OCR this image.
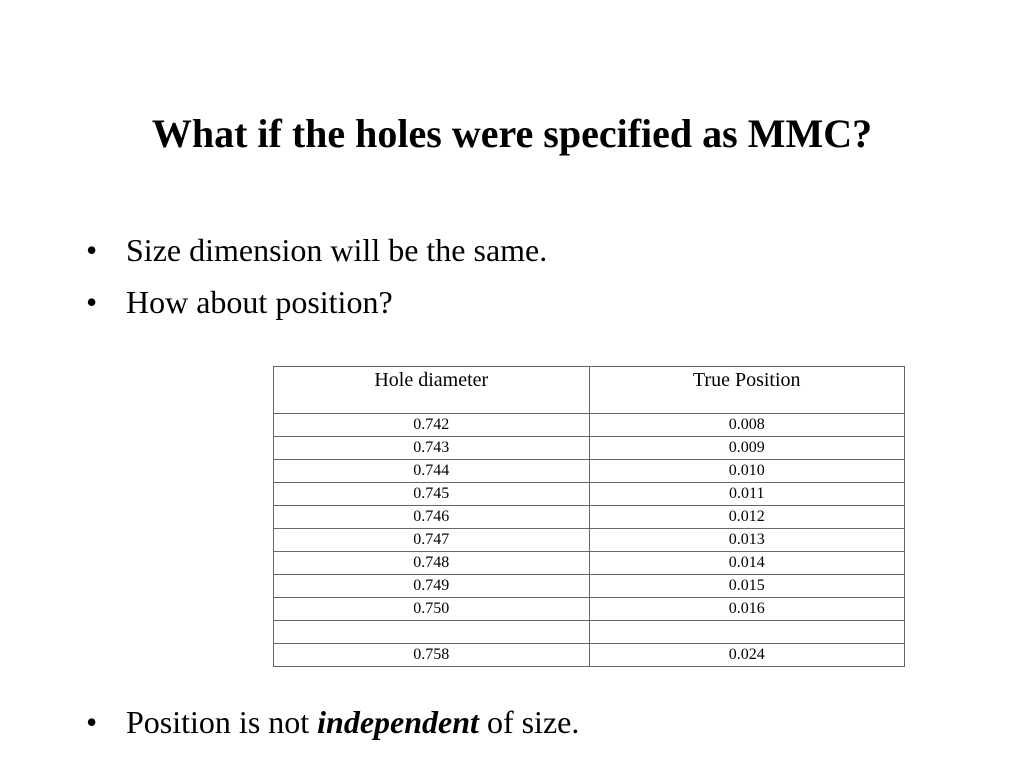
What if the holes were specified as MMC?
• Size dimension will be the same.
• How about position?
Hole diameter	True Position
0.742	0.008
0.743	0.009
0.744	0.010
0.745	0.011
0.746	0.012
0.747	0.013
0.748	0.014
0.749	0.015
0.750	0.016

0.758	0.024
• Position is not independent of size.
